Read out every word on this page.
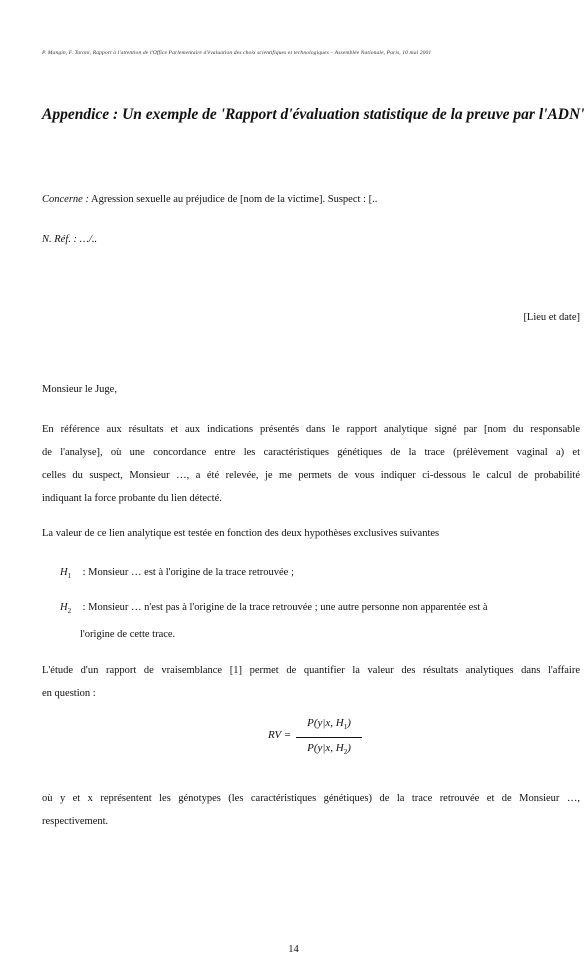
P. Mangin, F. Taroni, Rapport à l'attention de l'Office Parlementaire d'évaluation des choix scientifiques et technologiques – Assemblée Nationale, Paris, 10 mai 2001
Appendice : Un exemple de 'Rapport d'évaluation statistique de la preuve par l'ADN'
Concerne : Agression sexuelle au préjudice de [nom de la victime]. Suspect : [..
N. Réf. : …/..
[Lieu et date]
Monsieur le Juge,
En référence aux résultats et aux indications présentés dans le rapport analytique signé par [nom du responsable
de l'analyse], où une concordance entre les caractéristiques génétiques de la trace (prélèvement vaginal a) et
celles du suspect, Monsieur …, a été relevée, je me permets de vous indiquer ci-dessous le calcul de probabilité
indiquant la force probante du lien détecté.
La valeur de ce lien analytique est testée en fonction des deux hypothèses exclusives suivantes
$H_1$ : Monsieur … est à l'origine de la trace retrouvée ;
$H_2$ : Monsieur … n'est pas à l'origine de la trace retrouvée ; une autre personne non apparentée est à
l'origine de cette trace.
L'étude d'un rapport de vraisemblance [1] permet de quantifier la valeur des résultats analytiques dans l'affaire
en question :
RV =
P(y|x, $H_1$)
P(y|x, $H_2$)
où y et x représentent les génotypes (les caractéristiques génétiques) de la trace retrouvée et de Monsieur …,
respectivement.
14
